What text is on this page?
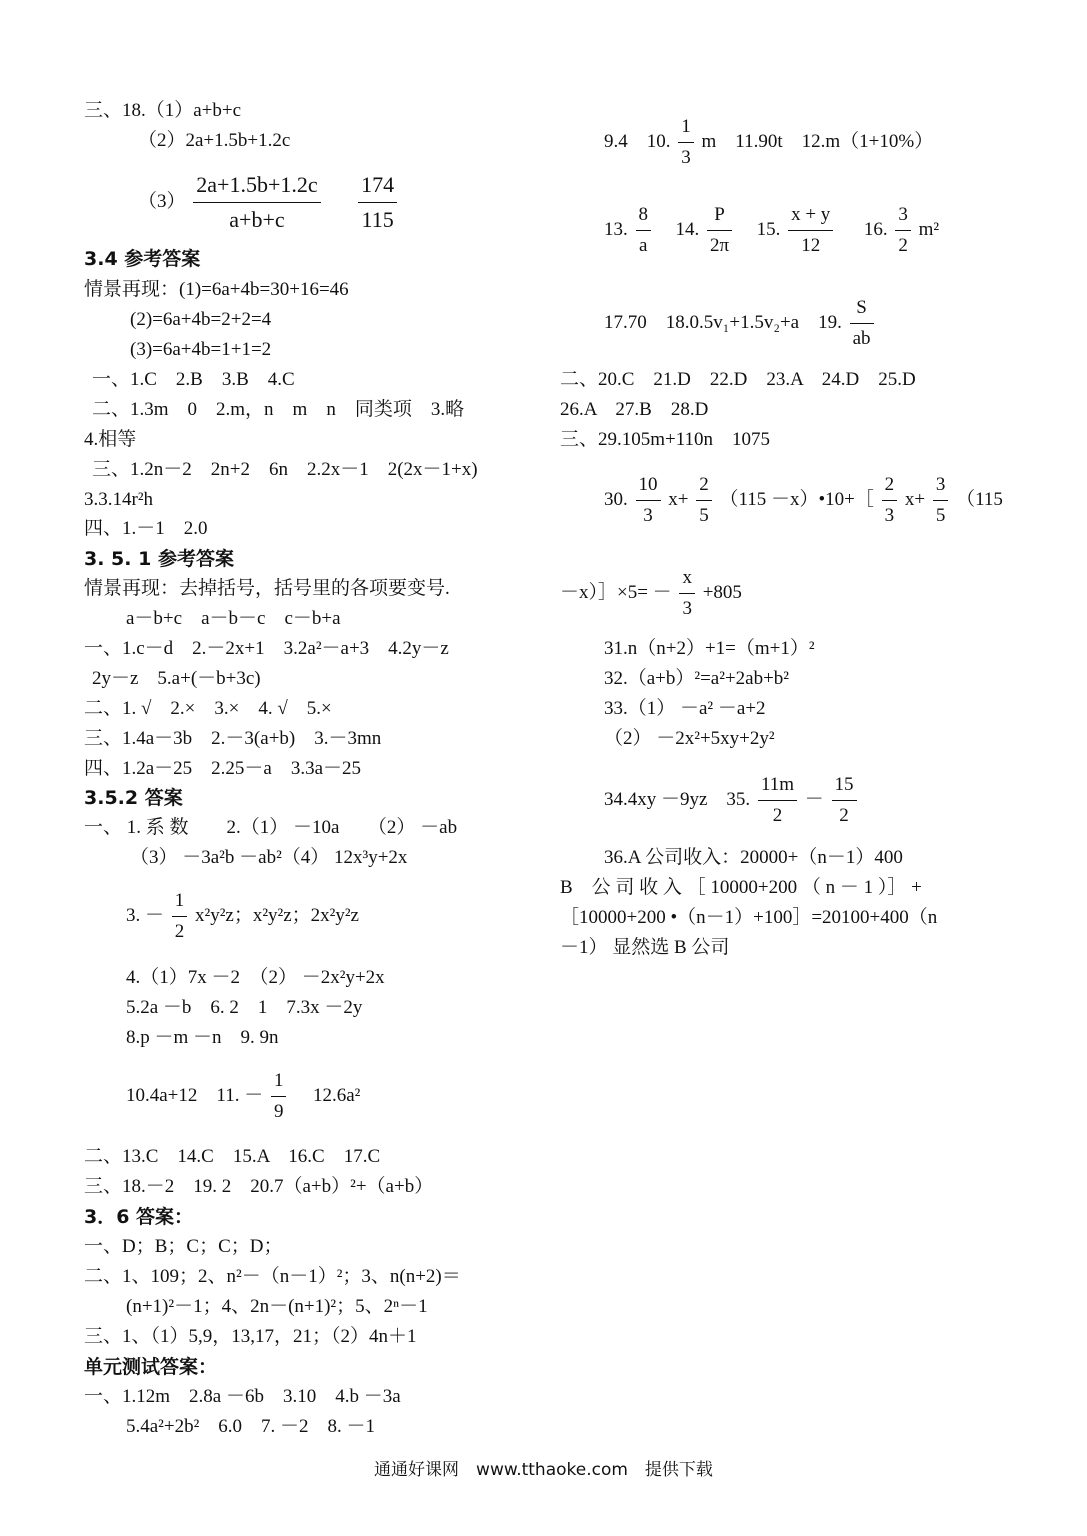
三、18.（1）a+b+c
（2）2a+1.5b+1.2c
$(3) \frac{2a+1.5b+1.2c}{a+b+c}$
$\frac{174}{115}$
3.4 参考答案
情景再现：(1)=6a+4b=30+16=46
(2)=6a+4b=2+2=4
(3)=6a+4b=1+1=2
一、1.C　2.B　3.B　4.C
二、1.3m　0　2.m，n　m　n　同类项　3.略
4.相等
三、1.2n－2　2n+2　6n　2.2x－1　2(2x－1+x)
3.3.14r²h
四、1.－1　2.0
3. 5. 1 参考答案
情景再现：去掉括号，括号里的各项要变号.
a－b+c　a－b－c　c－b+a
一、1.c－d　2.－2x+1　3.2a²－a+3　4.2y－z
2y－z　5.a+(－b+3c)
二、1. √　2.×　3.×　4. √　5.×
三、1.4a－3b　2.－3(a+b)　3.－3mn
四、1.2a－25　2.25－a　3.3a－25
3.5.2 答案
一、 1. 系 数　　2.（1） －10a　　（2） －ab
（3） －3a²b －ab²（4） 12x³y+2x
3. － $\frac{1}{2} x^2y^2z$；x²y²z；2x²y²z
4.（1）7x －2　（2） －2x²y+2x
5.2a －b　6. 2　1　7.3x －2y
8.p －m －n　9. 9n
10.4a+12　11. － $\frac{1}{9} 12.6a^2$
二、13.C　14.C　15.A　16.C　17.C
三、18.－2　19. 2　20.7（a+b）²+（a+b）
3．6 答案：
一、D；B；C；C；D；
二、1、109；2、n²－（n－1）²；3、n(n+2)＝
(n+1)²－1；4、2n－(n+1)²；5、2ⁿ－1
三、1、（1）5,9，13,17，21；（2）4n＋1
单元测试答案：
一、1.12m　2.8a －6b　3.10　4.b －3a
5.4a²+2b²　6.0　7. －2　8. －1
9.4　10. $\frac{1}{3}$ m　11.90t　12.m（1+10%）
13. $\frac{8}{a} 14$. $\frac{P}{2\pi} 15$. $\frac{x + y}{12} 16$. $\frac{3}{2} m^2$
17.70　18.0.5v₁+1.5v₂+a　19. $\frac{S}{ab}$
二、20.C　21.D　22.D　23.A　24.D　25.D
26.A　27.B　28.D
三、29.105m+110n　1075
30. $\frac{10}{3} x+ \frac{2}{5} (115$ －x）•10+［ $\frac{2}{3} x+ \frac{3}{5} (115$
－x）］×5= － $\frac{x}{3} +805$
31.n（n+2）+1=（m+1）²
32.（a+b）²=a²+2ab+b²
33.（1） －a² －a+2
（2） －2x²+5xy+2y²
34.4xy －9yz　35. $\frac{11m}{2} - \frac{15}{2}$
36.A 公司收入：20000+（n－1）400
B　公 司 收 入 ［ 10000+200 （ n － 1 ）］ +
［10000+200 •（n－1）+100］=20100+400（n
－1） 显然选 B 公司
通通好课网　www.tthaoke.com　提供下载
